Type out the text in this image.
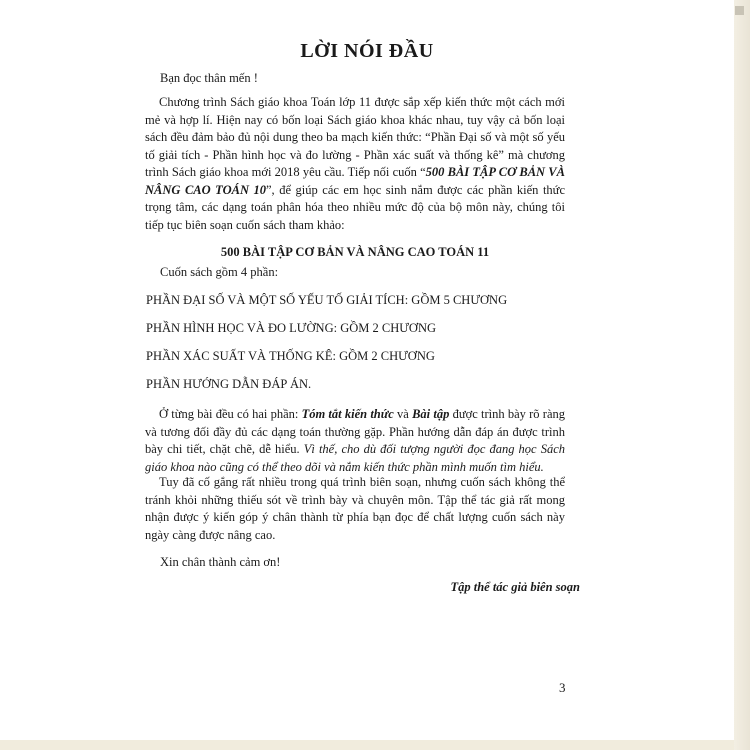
LỜI NÓI ĐẦU
Bạn đọc thân mến !

Chương trình Sách giáo khoa Toán lớp 11 được sắp xếp kiến thức một cách mới mẻ và hợp lí. Hiện nay có bốn loại Sách giáo khoa khác nhau, tuy vậy cả bốn loại sách đều đảm bảo đủ nội dung theo ba mạch kiến thức: “Phần Đại số và một số yếu tố giải tích - Phần hình học và đo lường - Phần xác suất và thống kê” mà chương trình Sách giáo khoa mới 2018 yêu cầu. Tiếp nối cuốn “500 BÀI TẬP CƠ BẢN VÀ NÂNG CAO TOÁN 10”, để giúp các em học sinh nắm được các phần kiến thức trọng tâm, các dạng toán phân hóa theo nhiều mức độ của bộ môn này, chúng tôi tiếp tục biên soạn cuốn sách tham khảo:

500 BÀI TẬP CƠ BẢN VÀ NÂNG CAO TOÁN 11
Cuốn sách gồm 4 phần:
PHẦN ĐẠI SỐ VÀ MỘT SỐ YẾU TỐ GIẢI TÍCH: GỒM 5 CHƯƠNG
PHẦN HÌNH HỌC VÀ ĐO LƯỜNG: GỒM 2 CHƯƠNG
PHẦN XÁC SUẤT VÀ THỐNG KÊ: GỒM 2 CHƯƠNG
PHẦN HƯỚNG DẪN ĐÁP ÁN.

Ở từng bài đều có hai phần: Tóm tắt kiến thức và Bài tập được trình bày rõ ràng và tương đối đầy đủ các dạng toán thường gặp. Phần hướng dẫn đáp án được trình bày chi tiết, chặt chẽ, dễ hiểu. Vì thế, cho dù đối tượng người đọc đang học Sách giáo khoa nào cũng có thể theo dõi và nắm kiến thức phần mình muốn tìm hiểu.

Tuy đã cố gắng rất nhiều trong quá trình biên soạn, nhưng cuốn sách không thể tránh khỏi những thiếu sót về trình bày và chuyên môn. Tập thể tác giả rất mong nhận được ý kiến góp ý chân thành từ phía bạn đọc để chất lượng cuốn sách này ngày càng được nâng cao.

Xin chân thành cảm ơn!
Tập thể tác giả biên soạn
3
